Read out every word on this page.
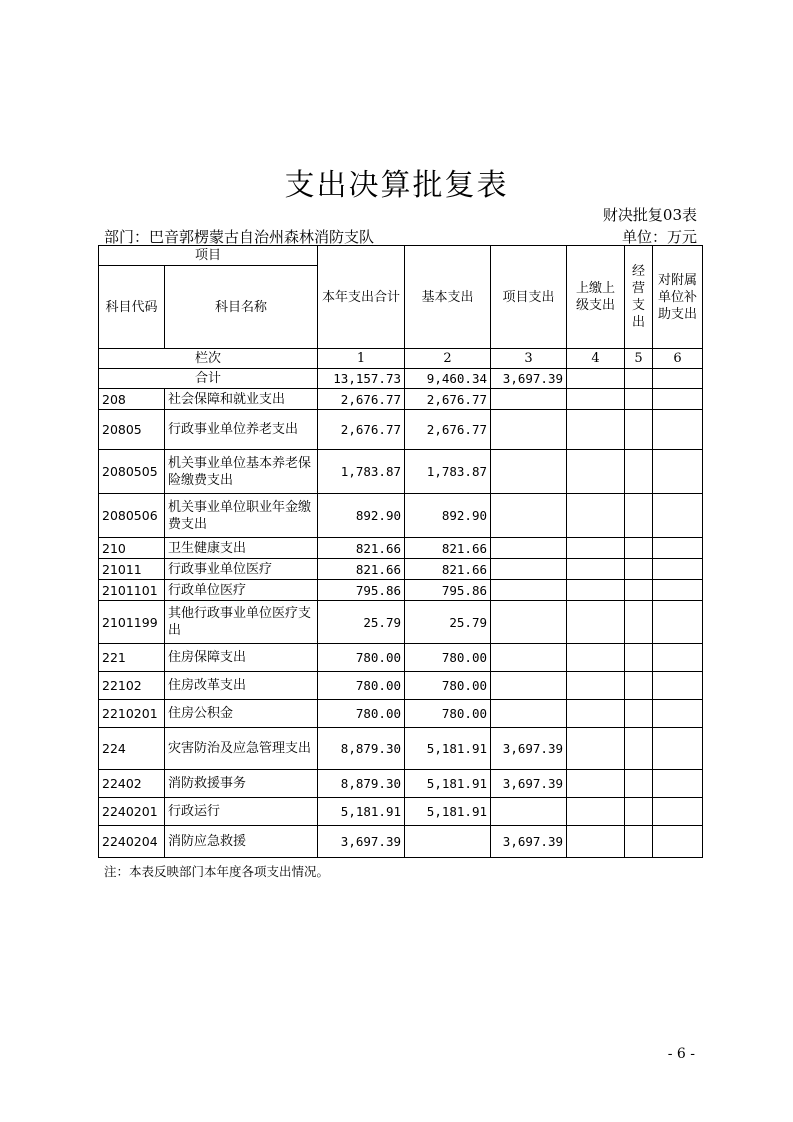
支出决算批复表
财决批复03表
部门：巴音郭楞蒙古自治州森林消防支队	单位：万元
项目		本年支出合计	基本支出	项目支出	上缴上级支出	经营支出	对附属单位补助支出
科目代码	科目名称						
栏次		1	2	3	4	5	6
合计		13,157.73	9,460.34	3,697.39			
208	社会保障和就业支出	2,676.77	2,676.77				
20805	行政事业单位养老支出	2,676.77	2,676.77				
2080505	机关事业单位基本养老保险缴费支出	1,783.87	1,783.87				
2080506	机关事业单位职业年金缴费支出	892.90	892.90				
210	卫生健康支出	821.66	821.66				
21011	行政事业单位医疗	821.66	821.66				
2101101	行政单位医疗	795.86	795.86				
2101199	其他行政事业单位医疗支出	25.79	25.79				
221	住房保障支出	780.00	780.00				
22102	住房改革支出	780.00	780.00				
2210201	住房公积金	780.00	780.00				
224	灾害防治及应急管理支出	8,879.30	5,181.91	3,697.39			
22402	消防救援事务	8,879.30	5,181.91	3,697.39			
2240201	行政运行	5,181.91	5,181.91				
2240204	消防应急救援	3,697.39		3,697.39			
注：本表反映部门本年度各项支出情况。
- 6 -
